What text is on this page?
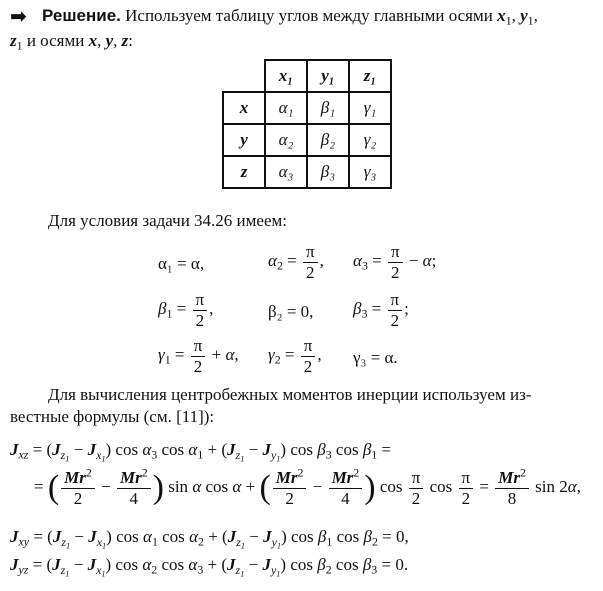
➡ Решение. Используем таблицу углов между главными осями $x_1$, $y_1$,
$z_1$ и осями x, y, z:
	x₁	y₁	z₁
x	α₁	β₁	γ₁
y	α₂	β₂	γ₂
z	α₃	β₃	γ₃
Для условия задачи 34.26 имеем:
α₁ = α,	$\alpha_2 = \frac{\pi}{2}$ , $\alpha_3 = \frac{\pi}{2} - \alpha$;
$\beta_1 = \frac{\pi}{2}$ ,	β₂ = 0, $\beta_3 = \frac{\pi}{2}$ ;
$\gamma_1 = \frac{\pi}{2} + \alpha$, $\gamma_2 = \frac{\pi}{2}$ , γ₃ = α.
Для вычисления центробежных моментов инерции используем из-
вестные формулы (см. [11]):
$J_{xz} = (J_{z_1} - J_{x_1})$ $\cos \alpha_3$ $\cos \alpha_1 + (J_{z_1} - J_{y_1})$ $\cos \beta_3$ $\cos \beta_1$ =
= ( $\frac{Mr^2}{2} - \frac{Mr^2}{4}$ ) sin α cos α + ( $\frac{Mr^2}{2} - \frac{Mr^2}{4}$ ) $\cos \frac{\pi}{2}$ $\cos \frac{\pi}{2} = \frac{Mr^2}{8}$ sin 2α,
$J_{xy} = (J_{z_1} - J_{x_1})$ $\cos \alpha_1$ $\cos \alpha_2 + (J_{z_1} - J_{y_1})$ $\cos \beta_1$ $\cos \beta_2 = 0$,
$J_{yz} = (J_{z_1} - J_{x_1})$ $\cos \alpha_2$ $\cos \alpha_3 + (J_{z_1} - J_{y_1})$ $\cos \beta_2$ $\cos \beta_3 = 0$.
